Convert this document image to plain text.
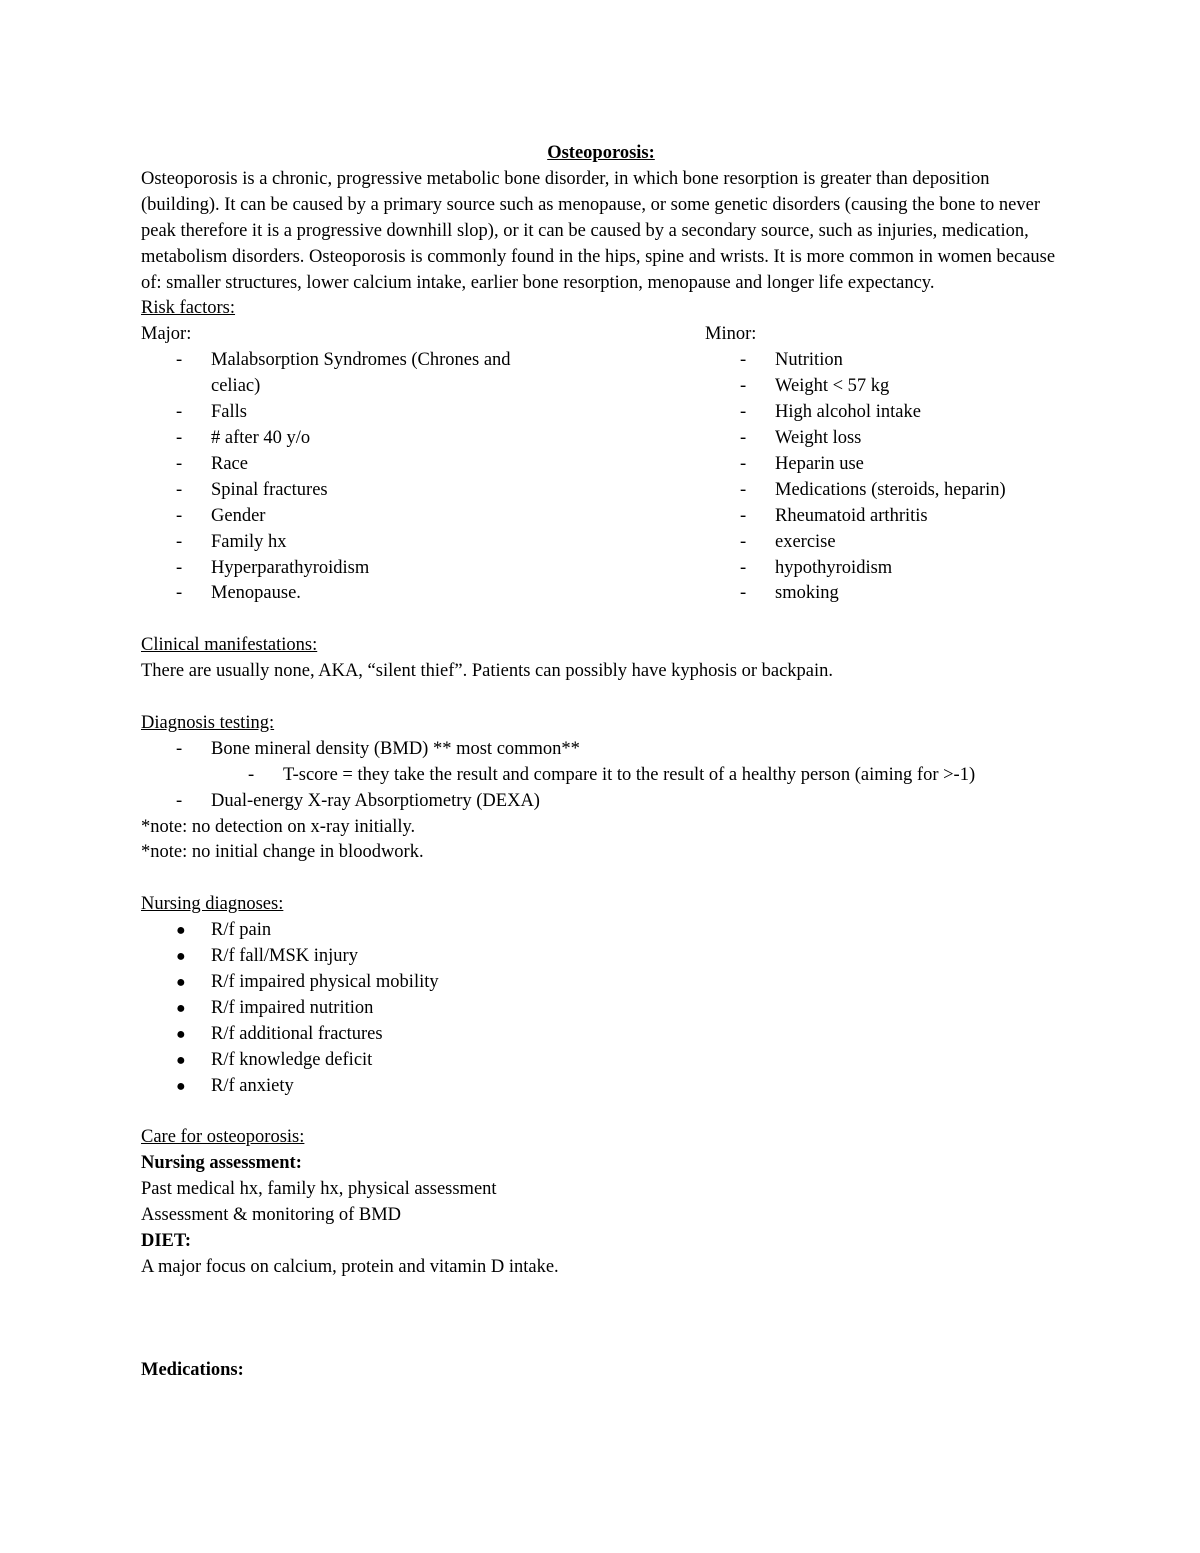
Osteoporosis:

Osteoporosis is a chronic, progressive metabolic bone disorder, in which bone resorption is greater than deposition (building). It can be caused by a primary source such as menopause, or some genetic disorders (causing the bone to never peak therefore it is a progressive downhill slop), or it can be caused by a secondary source, such as injuries, medication, metabolism disorders. Osteoporosis is commonly found in the hips, spine and wrists. It is more common in women because of: smaller structures, lower calcium intake, earlier bone resorption, menopause and longer life expectancy.

Risk factors:
Major:
- Malabsorption Syndromes (Chrones and celiac)
- Falls
- # after 40 y/o
- Race
- Spinal fractures
- Gender
- Family hx
- Hyperparathyroidism
- Menopause.
Minor:
- Nutrition
- Weight < 57 kg
- High alcohol intake
- Weight loss
- Heparin use
- Medications (steroids, heparin)
- Rheumatoid arthritis
- exercise
- hypothyroidism
- smoking
Clinical manifestations:
There are usually none, AKA, “silent thief”. Patients can possibly have kyphosis or backpain.
Diagnosis testing:
- Bone mineral density (BMD) ** most common**
- T-score = they take the result and compare it to the result of a healthy person (aiming for >-1)
- Dual-energy X-ray Absorptiometry (DEXA)
*note: no detection on x-ray initially.
*note: no initial change in bloodwork.
Nursing diagnoses:
● R/f pain
● R/f fall/MSK injury
● R/f impaired physical mobility
● R/f impaired nutrition
● R/f additional fractures
● R/f knowledge deficit
● R/f anxiety
Care for osteoporosis:
Nursing assessment:
Past medical hx, family hx, physical assessment
Assessment & monitoring of BMD
DIET:
A major focus on calcium, protein and vitamin D intake.
Medications:
